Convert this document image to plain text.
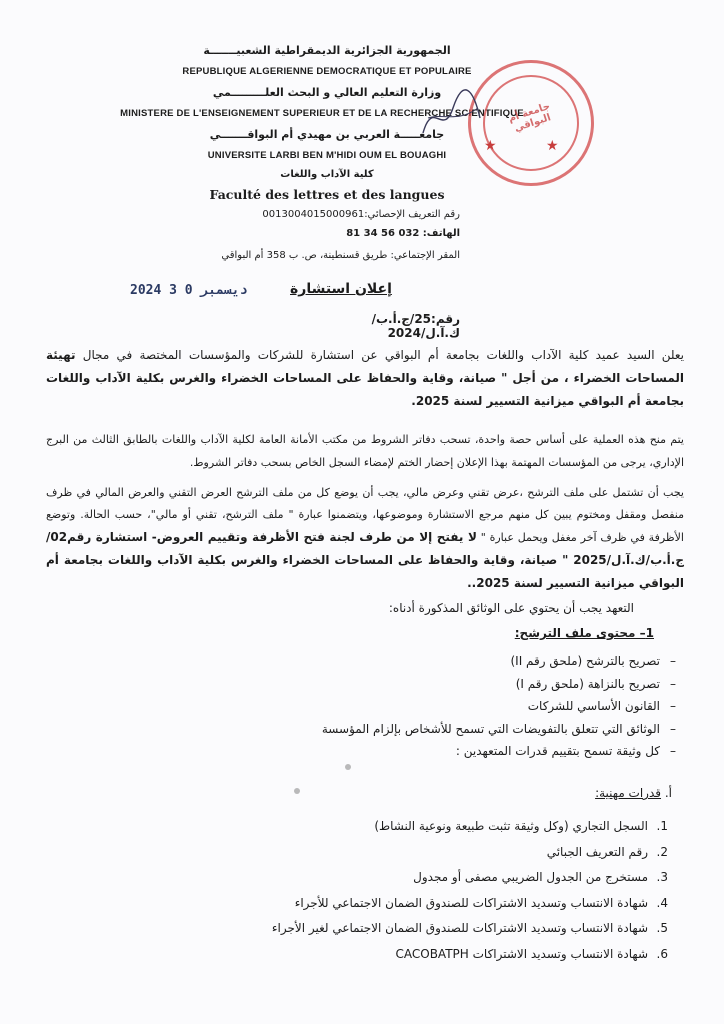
الجمهورية الجزائرية الديمقراطية الشعبيـــــــة
REPUBLIQUE ALGERIENNE DEMOCRATIQUE ET POPULAIRE
وزارة التعليم العالي و البحث العلـــــــــمي
MINISTERE DE L'ENSEIGNEMENT SUPERIEUR ET DE LA RECHERCHE SCIENTIFIQUE
جامعـــــة العربي بن مهيدي أم البواقـــــــي
UNIVERSITE LARBI BEN M'HIDI OUM EL BOUAGHI
كلية الآداب واللغات
Faculté des lettres et des langues
رقم التعريف الإحصائي:0013004015000961
الهاتف: 032 56 34 81
المقر الإجتماعي: طريق قسنطينة، ص. ب 358 أم البواقي
جامعة أم البواقي
★
★
2024 ديسمبر 0 3	إعلان استشارة
رقم:25/ج.أ.ب/ك.آ.ل/2024
يعلن السيد عميد كلية الآداب واللغات بجامعة أم البواقي عن استشارة للشركات والمؤسسات المختصة في مجال تهيئة المساحات الخضراء ، من أجل " صيانة، وقاية والحفاظ على المساحات الخضراء والغرس بكلية الآداب واللغات بجامعة أم البواقي ميزانية التسيير لسنة 2025.
يتم منح هذه العملية على أساس حصة واحدة، تسحب دفاتر الشروط من مكتب الأمانة العامة لكلية الآداب واللغات بالطابق الثالث من البرج الإداري، يرجى من المؤسسات المهتمة بهذا الإعلان إحضار الختم لإمضاء السجل الخاص بسحب دفاتر الشروط.
يجب أن تشتمل على ملف الترشح ،عرض تقني وعرض مالي، يجب أن يوضع كل من ملف الترشح العرض التقني والعرض المالي في ظرف منفصل ومقفل ومختوم يبين كل منهم مرجع الاستشارة وموضوعها، ويتضمنوا عبارة " ملف الترشح، تقني أو مالي"، حسب الحالة. وتوضع الأظرفة في ظرف آخر مغفل ويحمل عبارة " لا يفتح إلا من طرف لجنة فتح الأظرفة وتقييم العروض- استشارة رقم02/ج.أ.ب/ك.آ.ل/2025 " صيانة، وقاية والحفاظ على المساحات الخضراء والغرس بكلية الآداب واللغات بجامعة أم البواقي ميزانية التسيير لسنة 2025..
التعهد يجب أن يحتوي على الوثائق المذكورة أدناه:
1– محتوى ملف الترشح:
–تصريح بالترشح (ملحق رقم II)
–تصريح بالنزاهة (ملحق رقم I)
–القانون الأساسي للشركات
–الوثائق التي تتعلق بالتفويضات التي تسمح للأشخاص بإلزام المؤسسة
–كل وثيقة تسمح بتقييم قدرات المتعهدين :
أ. قدرات مهنية:
1.السجل التجاري (وكل وثيقة تثبت طبيعة ونوعية النشاط)
2.رقم التعريف الجبائي
3.مستخرج من الجدول الضريبي مصفى أو مجدول
4.شهادة الانتساب وتسديد الاشتراكات للصندوق الضمان الاجتماعي للأجراء
5.شهادة الانتساب وتسديد الاشتراكات للصندوق الضمان الاجتماعي لغير الأجراء
6.شهادة الانتساب وتسديد الاشتراكات CACOBATPH
